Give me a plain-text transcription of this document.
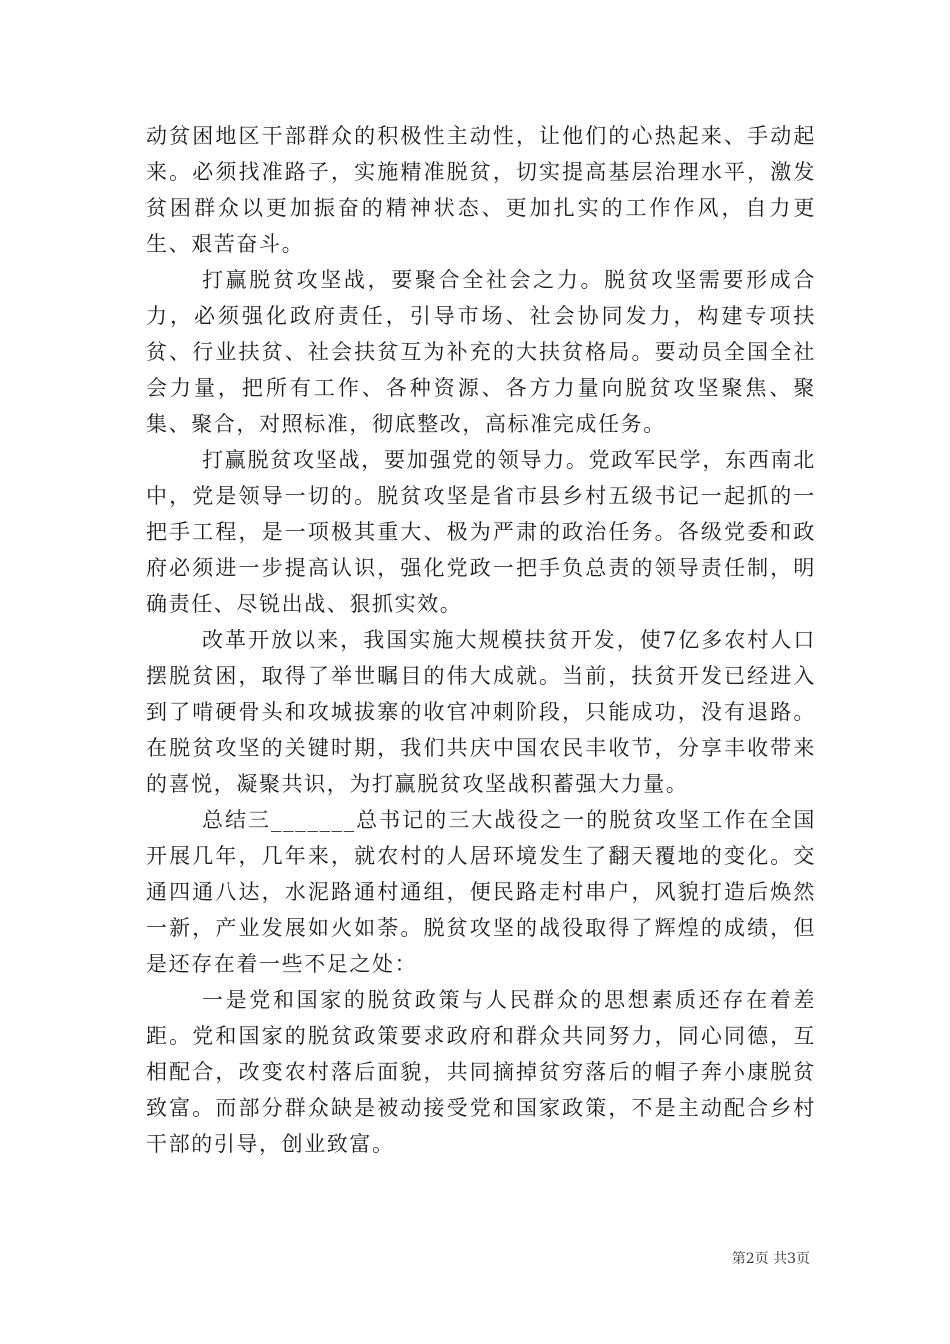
动贫困地区干部群众的积极性主动性，让他们的心热起来、手动起来。必须找准路子，实施精准脱贫，切实提高基层治理水平，激发贫困群众以更加振奋的精神状态、更加扎实的工作作风，自力更生、艰苦奋斗。

打赢脱贫攻坚战，要聚合全社会之力。脱贫攻坚需要形成合力，必须强化政府责任，引导市场、社会协同发力，构建专项扶贫、行业扶贫、社会扶贫互为补充的大扶贫格局。要动员全国全社会力量，把所有工作、各种资源、各方力量向脱贫攻坚聚焦、聚集、聚合，对照标准，彻底整改，高标准完成任务。

打赢脱贫攻坚战，要加强党的领导力。党政军民学，东西南北中，党是领导一切的。脱贫攻坚是省市县乡村五级书记一起抓的一把手工程，是一项极其重大、极为严肃的政治任务。各级党委和政府必须进一步提高认识，强化党政一把手负总责的领导责任制，明确责任、尽锐出战、狠抓实效。

改革开放以来，我国实施大规模扶贫开发，使7亿多农村人口摆脱贫困，取得了举世瞩目的伟大成就。当前，扶贫开发已经进入到了啃硬骨头和攻城拔寨的收官冲刺阶段，只能成功，没有退路。在脱贫攻坚的关键时期，我们共庆中国农民丰收节，分享丰收带来的喜悦，凝聚共识，为打赢脱贫攻坚战积蓄强大力量。

总结三_______总书记的三大战役之一的脱贫攻坚工作在全国开展几年，几年来，就农村的人居环境发生了翻天覆地的变化。交通四通八达，水泥路通村通组，便民路走村串户，风貌打造后焕然一新，产业发展如火如荼。脱贫攻坚的战役取得了辉煌的成绩，但是还存在着一些不足之处：

一是党和国家的脱贫政策与人民群众的思想素质还存在着差距。党和国家的脱贫政策要求政府和群众共同努力，同心同德，互相配合，改变农村落后面貌，共同摘掉贫穷落后的帽子奔小康脱贫致富。而部分群众缺是被动接受党和国家政策，不是主动配合乡村干部的引导，创业致富。

第2页 共3页
